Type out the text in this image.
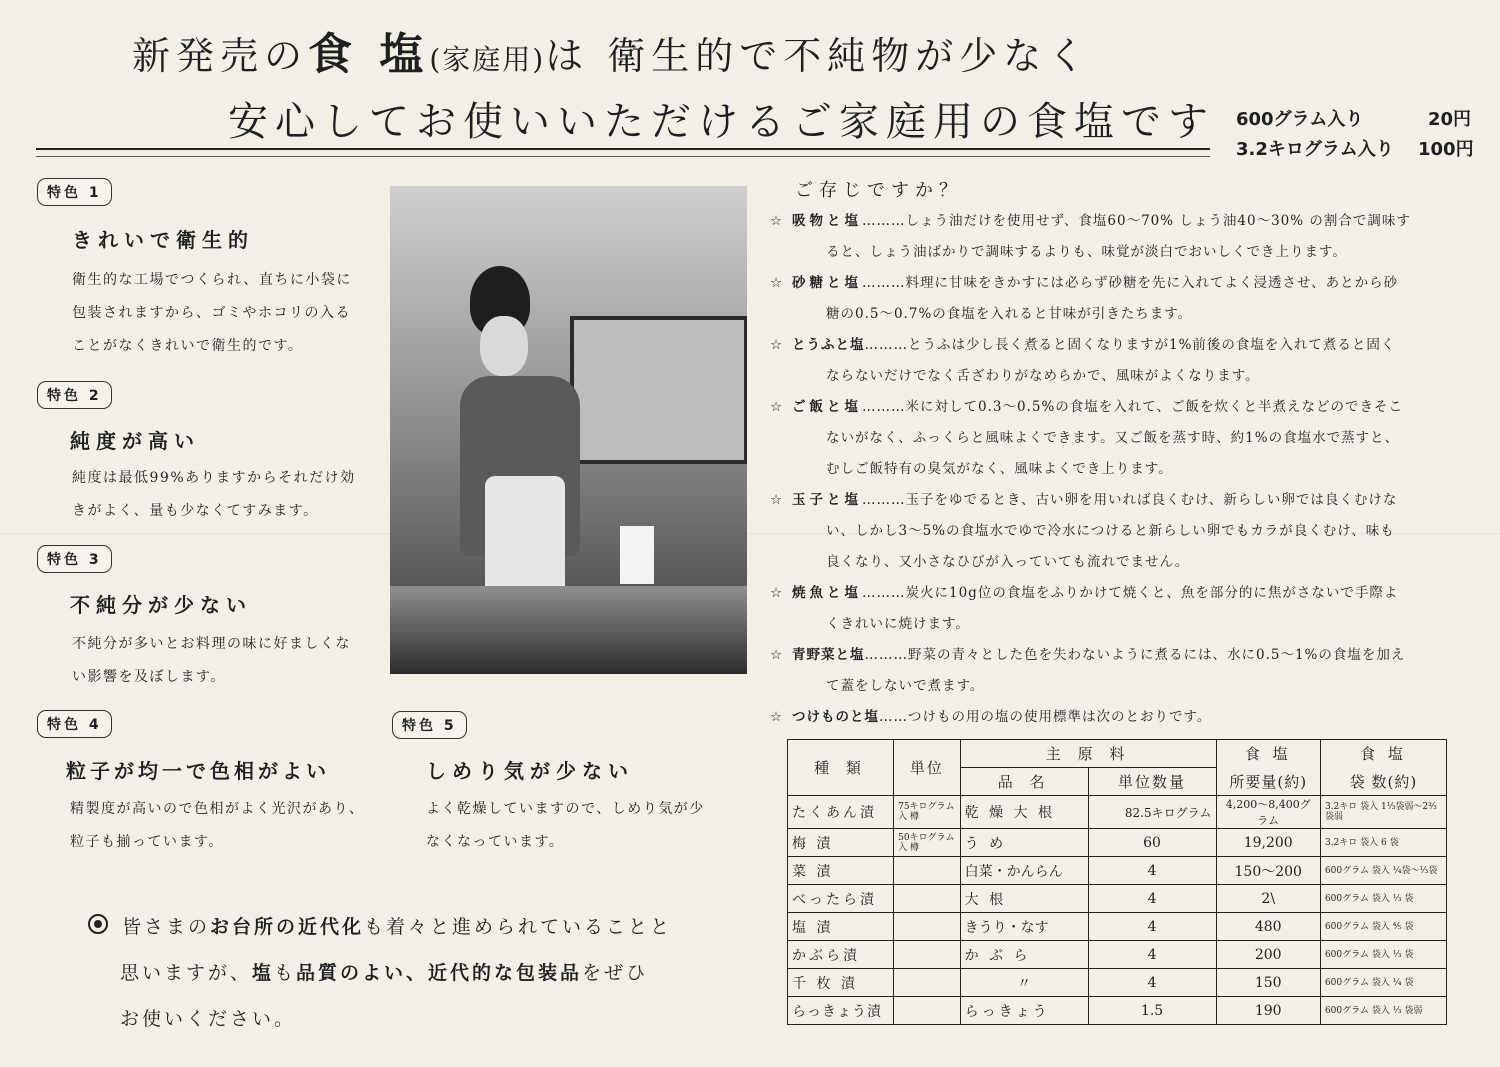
新発売の食 塩(家庭用)は 衛生的で不純物が少なく
安心してお使いいただけるご家庭用の食塩です 600グラム入り	20円
3.2キログラム入り 100円
特色 1
きれいで衛生的
衛生的な工場でつくられ、直ちに小袋に
包装されますから、ゴミやホコリの入る
ことがなくきれいで衛生的です。
特色 2
純度が高い
純度は最低99%ありますからそれだけ効
きがよく、量も少なくてすみます。
特色 3
不純分が少ない
不純分が多いとお料理の味に好ましくな
い影響を及ぼします。
特色 4
粒子が均一で色相がよい
精製度が高いので色相がよく光沢があり、
粒子も揃っています。
特色 5
しめり気が少ない
よく乾燥していますので、しめり気が少
なくなっています。
ご存じですか？
☆ 吸物と塩………しょう油だけを使用せず、食塩60〜70% しょう油40〜30% の割合で調味す
ると、しょう油ばかりで調味するよりも、味覚が淡白でおいしくでき上ります。
☆ 砂糖と塩………料理に甘味をきかすには必らず砂糖を先に入れてよく浸透させ、あとから砂
糖の0.5〜0.7%の食塩を入れると甘味が引きたちます。
☆ とうふと塩………とうふは少し長く煮ると固くなりますが1%前後の食塩を入れて煮ると固く
ならないだけでなく舌ざわりがなめらかで、風味がよくなります。
☆ ご飯と塩………米に対して0.3〜0.5%の食塩を入れて、ご飯を炊くと半煮えなどのできそこ
ないがなく、ふっくらと風味よくできます。又ご飯を蒸す時、約1%の食塩水で蒸すと、
むしご飯特有の臭気がなく、風味よくでき上ります。
☆ 玉子と塩………玉子をゆでるとき、古い卵を用いれば良くむけ、新らしい卵では良くむけな
い、しかし3〜5%の食塩水でゆで冷水につけると新らしい卵でもカラが良くむけ、味も
良くなり、又小さなひびが入っていても流れでません。
☆ 焼魚と塩………炭火に10g位の食塩をふりかけて焼くと、魚を部分的に焦がさないで手際よ
くきれいに焼けます。
☆ 青野菜と塩………野菜の青々とした色を失わないように煮るには、水に0.5〜1%の食塩を加え
て蓋をしないで煮ます。
☆ つけものと塩……つけもの用の塩の使用標準は次のとおりです。
種 類	単位	主 原 料		食 塩	食 塩
		品 名	単位数量	所要量(約)	袋 数(約)
たくあん漬	75キログラム入 樽	乾 燥 大 根	82.5キログラム	4,200〜8,400グラム	3.2キロ 袋入 1⅓袋弱〜2⅔袋弱
梅 漬	50キログラム入 樽	う め	60	19,200	3.2キロ 袋入 6 袋
菜 漬		白菜・かんらん	4	150〜200	600グラム 袋入 ¼袋〜⅓袋
べったら漬		大 根	4	2\	600グラム 袋入 ⅓ 袋
塩 漬		きうり・なす	4	480	600グラム 袋入 ⅘ 袋
かぶら漬		か ぶ ら	4	200	600グラム 袋入 ⅓ 袋
千 枚 漬		〃	4	150	600グラム 袋入 ¼ 袋
らっきょう漬		らっきょう	1.5	190	600グラム 袋入 ⅓ 袋弱
皆さまのお台所の近代化も着々と進められていることと
思いますが、塩も品質のよい、近代的な包装品をぜひ
お使いください。
